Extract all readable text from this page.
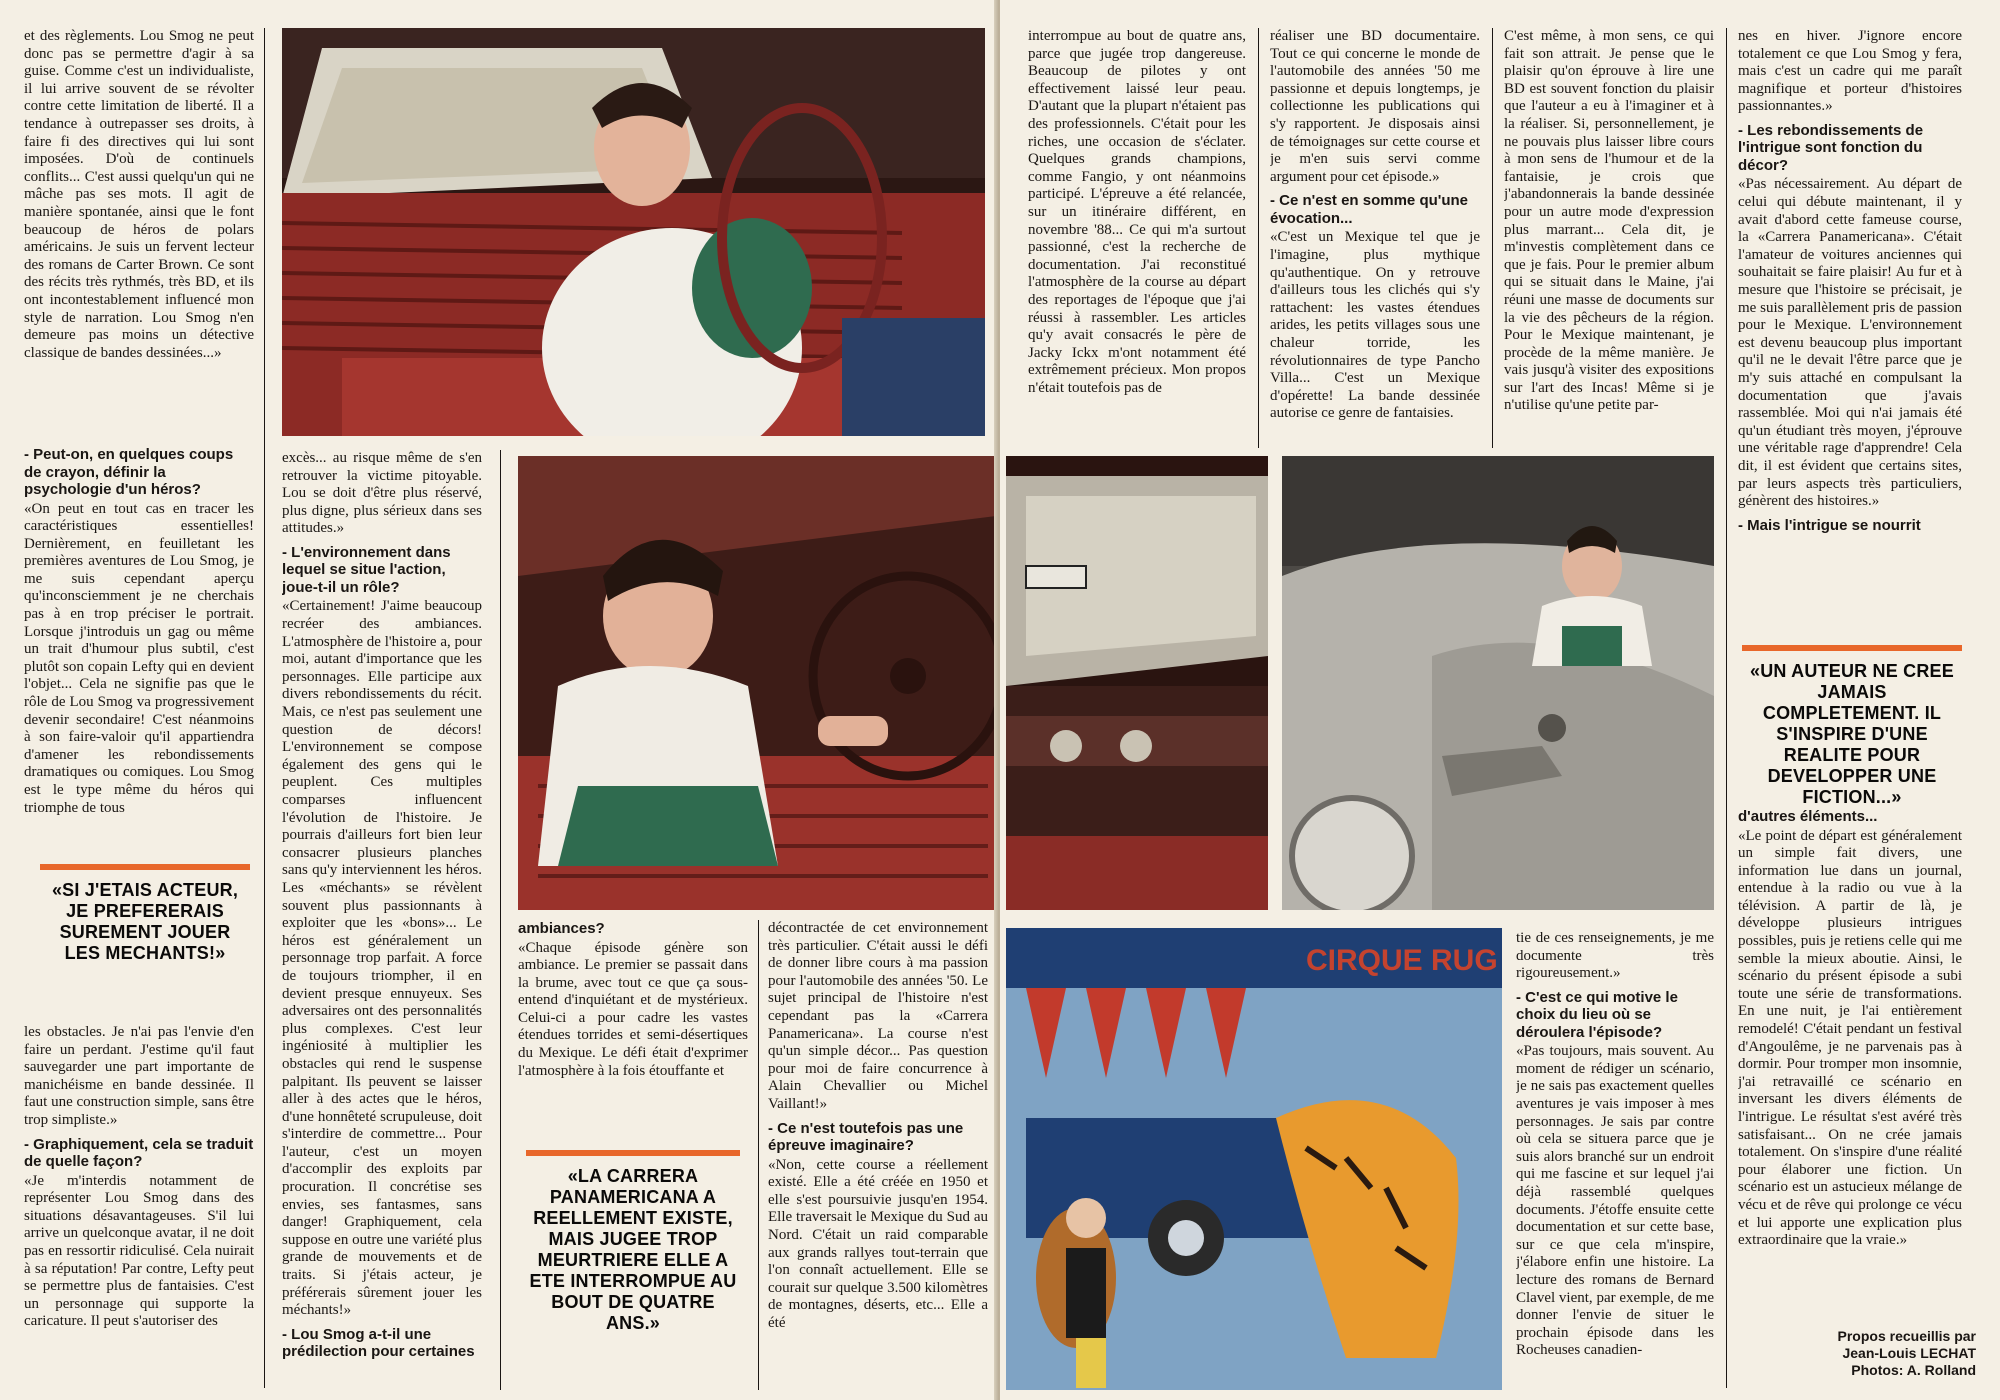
et des règlements. Lou Smog ne peut donc pas se permettre d'agir à sa guise. Comme c'est un individualiste, il lui arrive souvent de se révolter contre cette limitation de liberté. Il a tendance à outrepasser ses droits, à faire fi des directives qui lui sont imposées. D'où de continuels conflits... C'est aussi quelqu'un qui ne mâche pas ses mots. Il agit de manière spontanée, ainsi que le font beaucoup de héros de polars américains. Je suis un fervent lecteur des romans de Carter Brown. Ce sont des récits très rythmés, très BD, et ils ont incontestablement influencé mon style de narration. Lou Smog n'en demeure pas moins un détective classique de bandes dessinées...»

- Peut-on, en quelques coups de crayon, définir la psychologie d'un héros?

«On peut en tout cas en tracer les caractéristiques essentielles! Dernièrement, en feuilletant les premières aventures de Lou Smog, je me suis cependant aperçu qu'inconsciemment je ne cherchais pas à en trop préciser le portrait. Lorsque j'introduis un gag ou même un trait d'humour plus subtil, c'est plutôt son copain Lefty qui en devient l'objet... Cela ne signifie pas que le rôle de Lou Smog va progressivement devenir secondaire! C'est néanmoins à son faire-valoir qu'il appartiendra d'amener les rebondissements dramatiques ou comiques. Lou Smog est le type même du héros qui triomphe de tous

«SI J'ETAIS ACTEUR, JE PREFERERAIS SUREMENT JOUER LES MECHANTS!»

les obstacles. Je n'ai pas l'envie d'en faire un perdant. J'estime qu'il faut sauvegarder une part importante de manichéisme en bande dessinée. Il faut une construction simple, sans être trop simpliste.»

- Graphiquement, cela se traduit de quelle façon?

«Je m'interdis notamment de représenter Lou Smog dans des situations désavantageuses. S'il lui arrive un quelconque avatar, il ne doit pas en ressortir ridiculisé. Cela nuirait à sa réputation! Par contre, Lefty peut se permettre plus de fantaisies. C'est un personnage qui supporte la caricature. Il peut s'autoriser des

excès... au risque même de s'en retrouver la victime pitoyable. Lou se doit d'être plus réservé, plus digne, plus sérieux dans ses attitudes.»

- L'environnement dans lequel se situe l'action, joue-t-il un rôle?

«Certainement! J'aime beaucoup recréer des ambiances. L'atmosphère de l'histoire a, pour moi, autant d'importance que les personnages. Elle participe aux divers rebondissements du récit. Mais, ce n'est pas seulement une question de décors! L'environnement se compose également des gens qui le peuplent. Ces multiples comparses influencent l'évolution de l'histoire. Je pourrais d'ailleurs fort bien leur consacrer plusieurs planches sans qu'y interviennent les héros. Les «méchants» se révèlent souvent plus passionnants à exploiter que les «bons»... Le héros est généralement un personnage trop parfait. A force de toujours triompher, il en devient presque ennuyeux. Ses adversaires ont des personnalités plus complexes. C'est leur ingéniosité à multiplier les obstacles qui rend le suspense palpitant. Ils peuvent se laisser aller à des actes que le héros, d'une honnêteté scrupuleuse, doit s'interdire de commettre... Pour l'auteur, c'est un moyen d'accomplir des exploits par procuration. Il concrétise ses envies, ses fantasmes, sans danger! Graphiquement, cela suppose en outre une variété plus grande de mouvements et de traits. Si j'étais acteur, je préférerais sûrement jouer les méchants!»

- Lou Smog a-t-il une prédilection pour certaines
ambiances?

«Chaque épisode génère son ambiance. Le premier se passait dans la brume, avec tout ce que ça sous-entend d'inquiétant et de mystérieux. Celui-ci a pour cadre les vastes étendues torrides et semi-désertiques du Mexique. Le défi était d'exprimer l'atmosphère à la fois étouffante et

«LA CARRERA PANAMERICANA A REELLEMENT EXISTE, MAIS JUGEE TROP MEURTRIERE ELLE A ETE INTERROMPUE AU BOUT DE QUATRE ANS.»

décontractée de cet environnement très particulier. C'était aussi le défi de donner libre cours à ma passion pour l'automobile des années '50. Le sujet principal de l'histoire n'est cependant pas la «Carrera Panamericana». La course n'est qu'un simple décor... Pas question pour moi de faire concurrence à Alain Chevallier ou Michel Vaillant!»

- Ce n'est toutefois pas une épreuve imaginaire?

«Non, cette course a réellement existé. Elle a été créée en 1950 et elle s'est poursuivie jusqu'en 1954. Elle traversait le Mexique du Sud au Nord. C'était un raid comparable aux grands rallyes tout-terrain que l'on connaît actuellement. Elle se courait sur quelque 3.500 kilomètres de montagnes, déserts, etc... Elle a été

interrompue au bout de quatre ans, parce que jugée trop dangereuse. Beaucoup de pilotes y ont effectivement laissé leur peau. D'autant que la plupart n'étaient pas des professionnels. C'était pour les riches, une occasion de s'éclater. Quelques grands champions, comme Fangio, y ont néanmoins participé. L'épreuve a été relancée, sur un itinéraire différent, en novembre '88... Ce qui m'a surtout passionné, c'est la recherche de documentation. J'ai reconstitué l'atmosphère de la course au départ des reportages de l'époque que j'ai réussi à rassembler. Les articles qu'y avait consacrés le père de Jacky Ickx m'ont notamment été extrêmement précieux. Mon propos n'était toutefois pas de

réaliser une BD documentaire. Tout ce qui concerne le monde de l'automobile des années '50 me passionne et depuis longtemps, je collectionne les publications qui s'y rapportent. Je disposais ainsi de témoignages sur cette course et je m'en suis servi comme argument pour cet épisode.»

- Ce n'est en somme qu'une évocation...

«C'est un Mexique tel que je l'imagine, plus mythique qu'authentique. On y retrouve d'ailleurs tous les clichés qui s'y rattachent: les vastes étendues arides, les petits villages sous une chaleur torride, les révolutionnaires de type Pancho Villa... C'est un Mexique d'opérette! La bande dessinée autorise ce genre de fantaisies.

C'est même, à mon sens, ce qui fait son attrait. Je pense que le plaisir qu'on éprouve à lire une BD est souvent fonction du plaisir que l'auteur a eu à l'imaginer et à la réaliser. Si, personnellement, je ne pouvais plus laisser libre cours à mon sens de l'humour et de la fantaisie, je crois que j'abandonnerais la bande dessinée pour un autre mode d'expression plus marrant... Cela dit, je m'investis complètement dans ce que je fais. Pour le premier album qui se situait dans le Maine, j'ai réuni une masse de documents sur la vie des pêcheurs de la région. Pour le Mexique maintenant, je procède de la même manière. Je vais jusqu'à visiter des expositions sur l'art des Incas! Même si je n'utilise qu'une petite par-

nes en hiver. J'ignore encore totalement ce que Lou Smog y fera, mais c'est un cadre qui me paraît magnifique et porteur d'histoires passionnantes.»

- Les rebondissements de l'intrigue sont fonction du décor?

«Pas nécessairement. Au départ de celui qui débute maintenant, il y avait d'abord cette fameuse course, la «Carrera Panamericana». C'était l'amateur de voitures anciennes qui souhaitait se faire plaisir! Au fur et à mesure que l'histoire se précisait, je me suis parallèlement pris de passion pour le Mexique. L'environnement est devenu beaucoup plus important qu'il ne le devait l'être parce que je m'y suis attaché en compulsant la documentation que j'avais rassemblée. Moi qui n'ai jamais été qu'un étudiant très moyen, j'éprouve une véritable rage d'apprendre! Cela dit, il est évident que certains sites, par leurs aspects très particuliers, génèrent des histoires.»

- Mais l'intrigue se nourrit
«UN AUTEUR NE CREE JAMAIS COMPLETEMENT. IL S'INSPIRE D'UNE REALITE POUR DEVELOPPER UNE FICTION...»
d'autres éléments...

«Le point de départ est généralement un simple fait divers, une information lue dans un journal, entendue à la radio ou vue à la télévision. A partir de là, je développe plusieurs intrigues possibles, puis je retiens celle qui me semble la mieux aboutie. Ainsi, le scénario du présent épisode a subi toute une série de transformations. En une nuit, je l'ai entièrement remodelé! C'était pendant un festival d'Angoulême, je ne parvenais pas à dormir. Pour tromper mon insomnie, j'ai retravaillé ce scénario en inversant les divers éléments de l'intrigue. Le résultat s'est avéré très satisfaisant... On ne crée jamais totalement. On s'inspire d'une réalité pour élaborer une fiction. Un scénario est un astucieux mélange de vécu et de rêve qui prolonge ce vécu et lui apporte une explication plus extraordinaire que la vraie.»

Propos recueillis par
Jean-Louis LECHAT
Photos: A. Rolland
CIRQUE RUG

tie de ces renseignements, je me documente très rigoureusement.»

- C'est ce qui motive le choix du lieu où se déroulera l'épisode?

«Pas toujours, mais souvent. Au moment de rédiger un scénario, je ne sais pas exactement quelles aventures je vais imposer à mes personnages. Je sais par contre où cela se situera parce que je suis alors branché sur un endroit qui me fascine et sur lequel j'ai déjà rassemblé quelques documents. J'étoffe ensuite cette documentation et sur cette base, sur ce que cela m'inspire, j'élabore enfin une histoire. La lecture des romans de Bernard Clavel vient, par exemple, de me donner l'envie de situer le prochain épisode dans les Rocheuses canadien-
